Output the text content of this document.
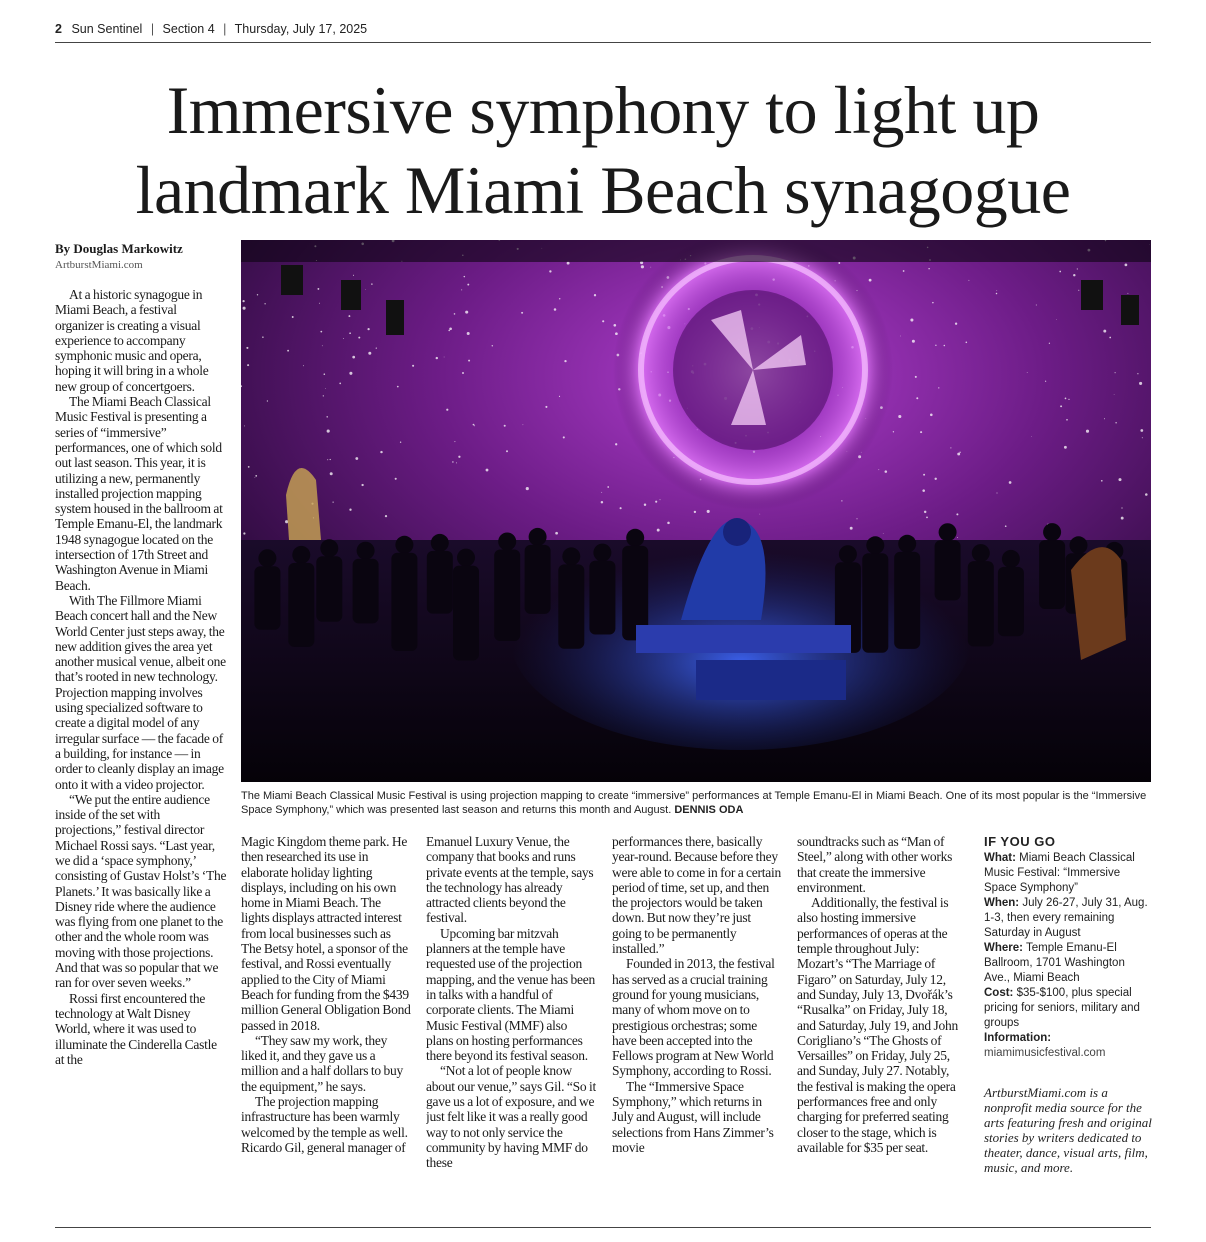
2 Sun Sentinel | Section 4 | Thursday, July 17, 2025
Immersive symphony to light up
landmark Miami Beach synagogue
By Douglas Markowitz
ArtburstMiami.com

At a historic synagogue in Miami Beach, a festival organizer is creating a visual experience to accompany symphonic music and opera, hoping it will bring in a whole new group of concertgoers.

The Miami Beach Classical Music Festival is presenting a series of “immersive” performances, one of which sold out last season. This year, it is utilizing a new, permanently installed projection mapping system housed in the ballroom at Temple Emanu-El, the landmark 1948 synagogue located on the intersection of 17th Street and Washington Avenue in Miami Beach.

With The Fillmore Miami Beach concert hall and the New World Center just steps away, the new addition gives the area yet another musical venue, albeit one that’s rooted in new technology. Projection mapping involves using specialized software to create a digital model of any irregular surface — the facade of a building, for instance — in order to cleanly display an image onto it with a video projector.

“We put the entire audience inside of the set with projections,” festival director Michael Rossi says. “Last year, we did a ‘space symphony,’ consisting of Gustav Holst’s ‘The Planets.’ It was basically like a Disney ride where the audience was flying from one planet to the other and the whole room was moving with those projections. And that was so popular that we ran for over seven weeks.”

Rossi first encountered the technology at Walt Disney World, where it was used to illuminate the Cinderella Castle at the

The Miami Beach Classical Music Festival is using projection mapping to create “immersive” performances at Temple Emanu-El in Miami Beach. One of its most popular is the “Immersive Space Symphony,” which was presented last season and returns this month and August. DENNIS ODA

Magic Kingdom theme park. He then researched its use in elaborate holiday lighting displays, including on his own home in Miami Beach. The lights displays attracted interest from local businesses such as The Betsy hotel, a sponsor of the festival, and Rossi eventually applied to the City of Miami Beach for funding from the $439 million General Obligation Bond passed in 2018.

“They saw my work, they liked it, and they gave us a million and a half dollars to buy the equipment,” he says.

The projection mapping infrastructure has been warmly welcomed by the temple as well. Ricardo Gil, general manager of

Emanuel Luxury Venue, the company that books and runs private events at the temple, says the technology has already attracted clients beyond the festival.

Upcoming bar mitzvah planners at the temple have requested use of the projection mapping, and the venue has been in talks with a handful of corporate clients. The Miami Music Festival (MMF) also plans on hosting performances there beyond its festival season.

“Not a lot of people know about our venue,” says Gil. “So it gave us a lot of exposure, and we just felt like it was a really good way to not only service the community by having MMF do these

performances there, basically year-round. Because before they were able to come in for a certain period of time, set up, and then the projectors would be taken down. But now they’re just going to be permanently installed.”

Founded in 2013, the festival has served as a crucial training ground for young musicians, many of whom move on to prestigious orchestras; some have been accepted into the Fellows program at New World Symphony, according to Rossi.

The “Immersive Space Symphony,” which returns in July and August, will include selections from Hans Zimmer’s movie

soundtracks such as “Man of Steel,” along with other works that create the immersive environment.

Additionally, the festival is also hosting immersive performances of operas at the temple throughout July: Mozart’s “The Marriage of Figaro” on Saturday, July 12, and Sunday, July 13, Dvořák’s “Rusalka” on Friday, July 18, and Saturday, July 19, and John Corigliano’s “The Ghosts of Versailles” on Friday, July 25, and Sunday, July 27. Notably, the festival is making the opera performances free and only charging for preferred seating closer to the stage, which is available for $35 per seat.

IF YOU GO

What: Miami Beach Classical Music Festival: “Immersive Space Symphony”

When: July 26-27, July 31, Aug. 1-3, then every remaining Saturday in August

Where: Temple Emanu-El Ballroom, 1701 Washington Ave., Miami Beach

Cost: $35-$100, plus special pricing for seniors, military and groups

Information:
miamimusicfestival.com

ArtburstMiami.com is a nonprofit media source for the arts featuring fresh and original stories by writers dedicated to theater, dance, visual arts, film, music, and more.
